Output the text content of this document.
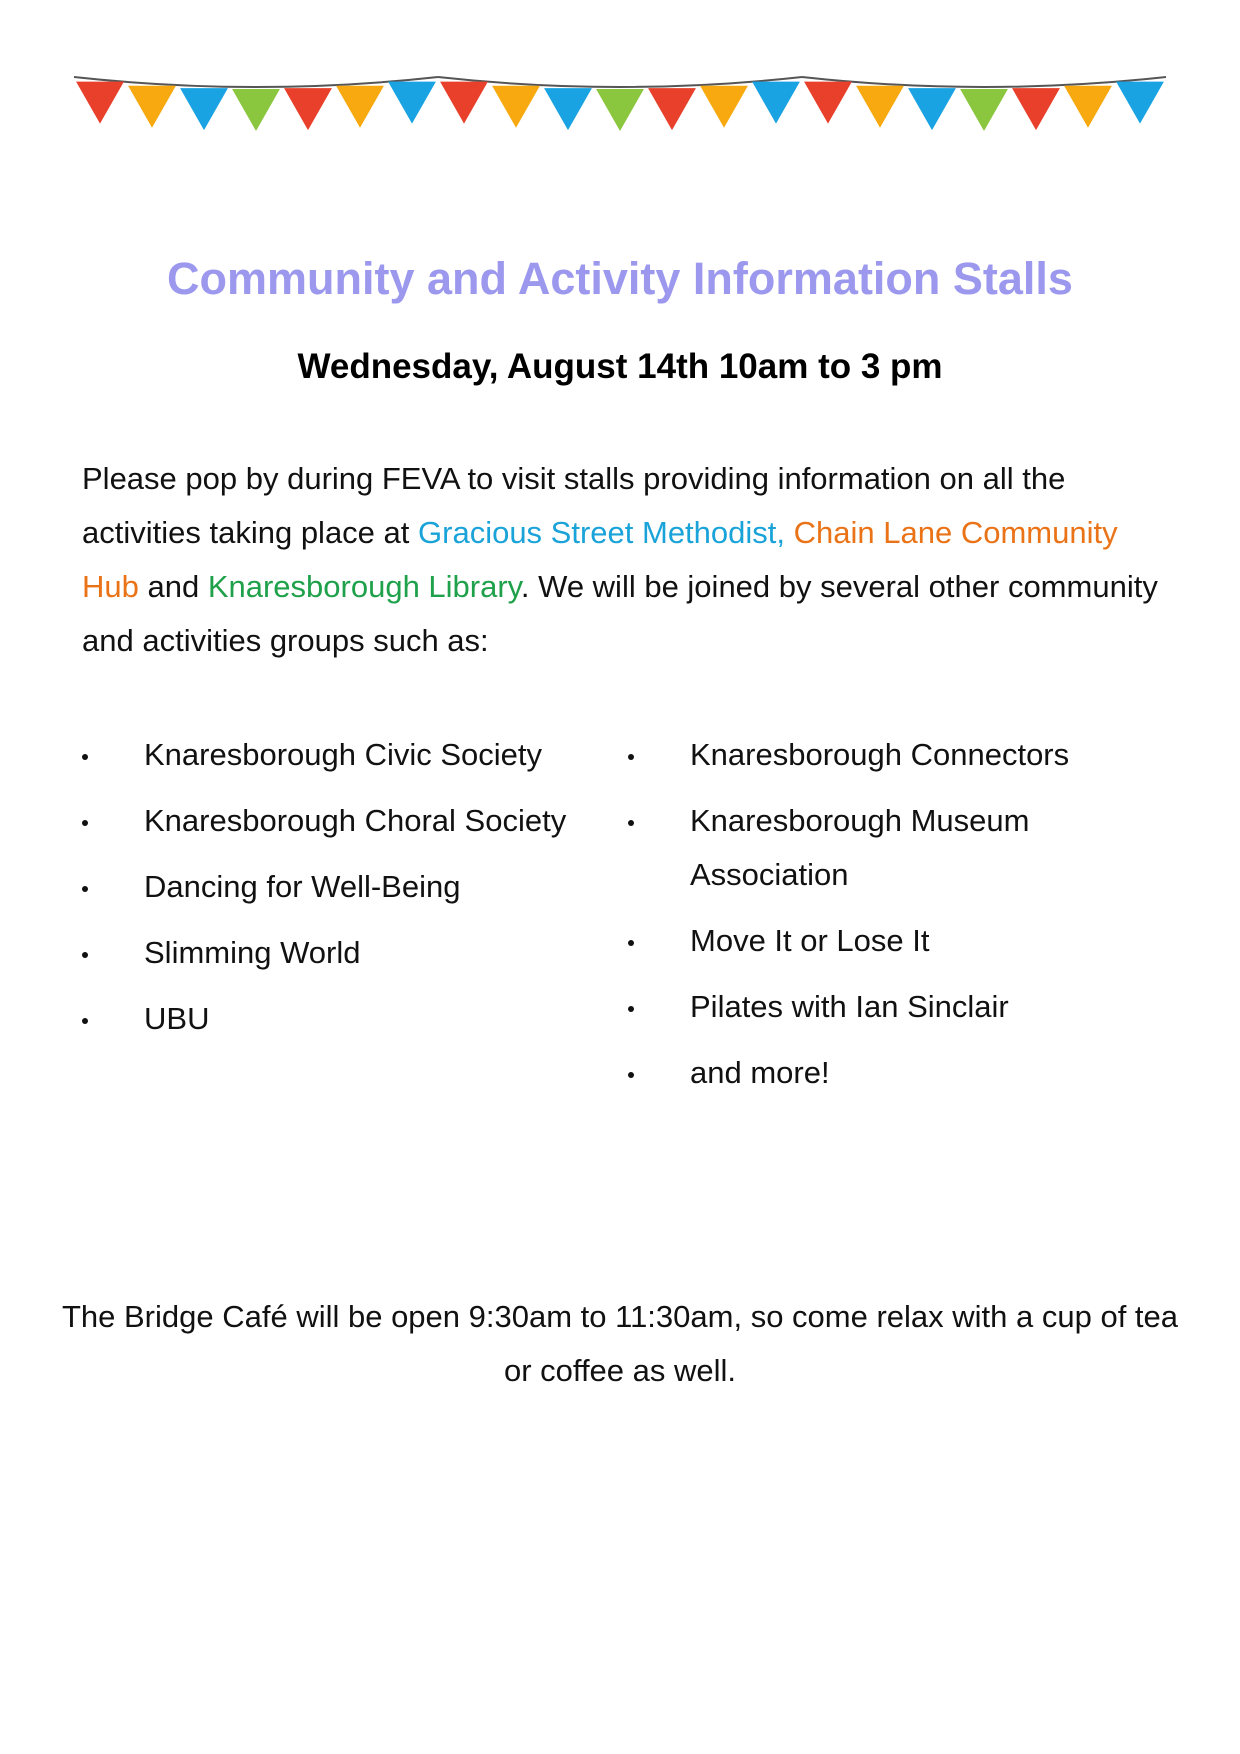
Community and Activity Information Stalls
Wednesday, August 14th 10am to 3 pm

Please pop by during FEVA to visit stalls providing information on all the activities taking place at Gracious Street Methodist, Chain Lane Community Hub and Knaresborough Library. We will be joined by several other community and activities groups such as:

Knaresborough Civic Society
Knaresborough Choral Society
Dancing for Well-Being
Slimming World
UBU
Knaresborough Connectors
Knaresborough Museum Association
Move It or Lose It
Pilates with Ian Sinclair
and more!

The Bridge Café will be open 9:30am to 11:30am, so come relax with a cup of tea or coffee as well.
